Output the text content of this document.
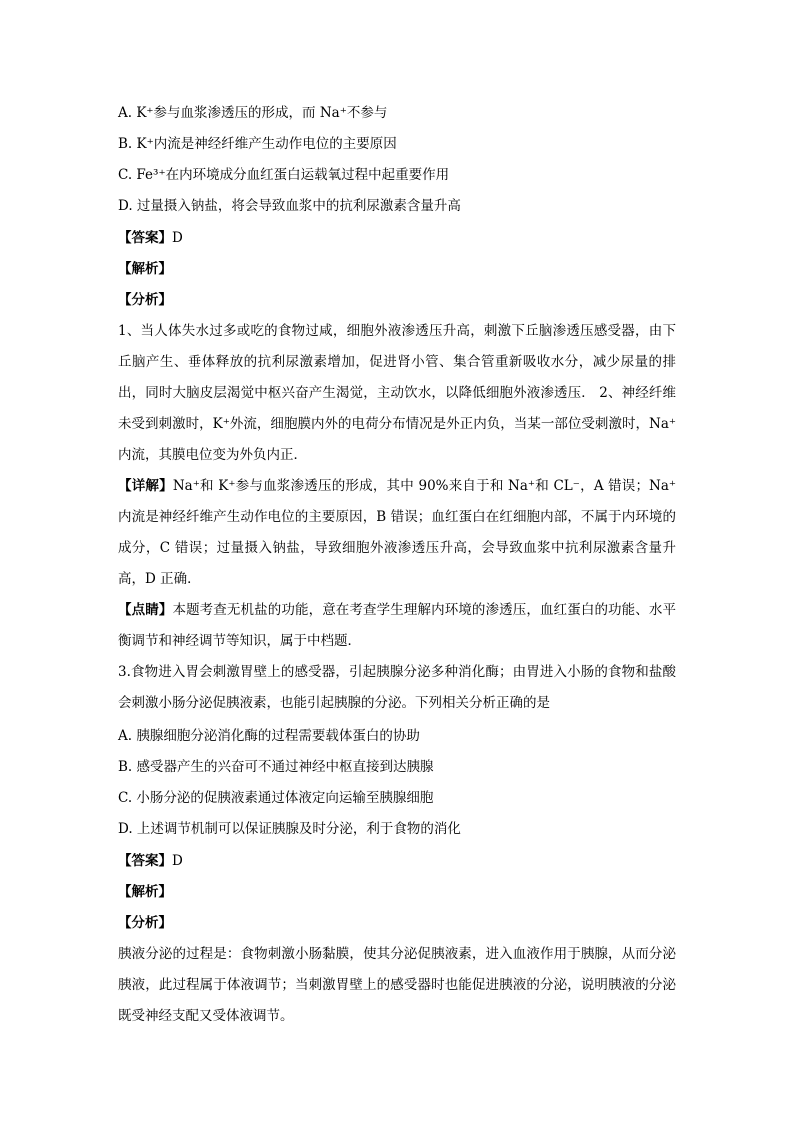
A. K⁺参与血浆渗透压的形成，而 Na⁺不参与
B. K⁺内流是神经纤维产生动作电位的主要原因
C. Fe³⁺在内环境成分血红蛋白运载氧过程中起重要作用
D. 过量摄入钠盐，将会导致血浆中的抗利尿激素含量升高
【答案】D
【解析】
【分析】
1、当人体失水过多或吃的食物过咸，细胞外液渗透压升高，刺激下丘脑渗透压感受器，由下丘脑产生、垂体释放的抗利尿激素增加，促进肾小管、集合管重新吸收水分，减少尿量的排出，同时大脑皮层渴觉中枢兴奋产生渴觉，主动饮水，以降低细胞外液渗透压． 2、神经纤维未受到刺激时，K⁺外流，细胞膜内外的电荷分布情况是外正内负，当某一部位受刺激时，Na⁺内流，其膜电位变为外负内正．
【详解】Na⁺和 K⁺参与血浆渗透压的形成，其中 90%来自于和 Na⁺和 CL⁻，A 错误；Na⁺内流是神经纤维产生动作电位的主要原因，B 错误；血红蛋白在红细胞内部，不属于内环境的成分，C 错误；过量摄入钠盐，导致细胞外液渗透压升高，会导致血浆中抗利尿激素含量升高，D 正确．
【点睛】本题考查无机盐的功能，意在考查学生理解内环境的渗透压，血红蛋白的功能、水平衡调节和神经调节等知识，属于中档题．
3.食物进入胃会刺激胃壁上的感受器，引起胰腺分泌多种消化酶；由胃进入小肠的食物和盐酸会刺激小肠分泌促胰液素，也能引起胰腺的分泌。下列相关分析正确的是
A. 胰腺细胞分泌消化酶的过程需要载体蛋白的协助
B. 感受器产生的兴奋可不通过神经中枢直接到达胰腺
C. 小肠分泌的促胰液素通过体液定向运输至胰腺细胞
D. 上述调节机制可以保证胰腺及时分泌，利于食物的消化
【答案】D
【解析】
【分析】
胰液分泌的过程是：食物刺激小肠黏膜，使其分泌促胰液素，进入血液作用于胰腺，从而分泌胰液，此过程属于体液调节；当刺激胃壁上的感受器时也能促进胰液的分泌，说明胰液的分泌既受神经支配又受体液调节。
